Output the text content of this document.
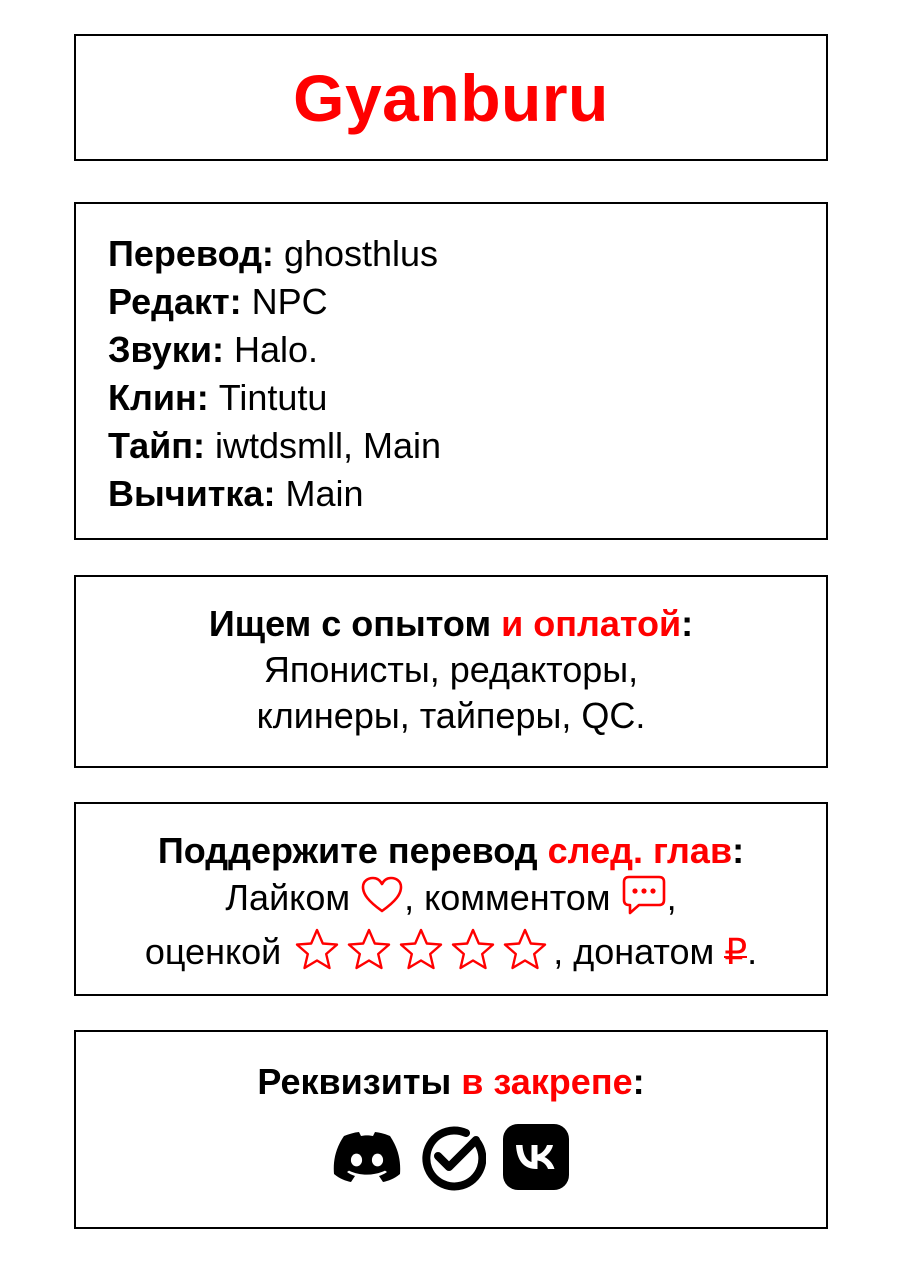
Gyanburu
Перевод: ghosthlus
Редакт: NPC
Звуки: Halo.
Клин: Tintutu
Тайп: iwtdsmll, Main
Вычитка: Main
Ищем с опытом и оплатой:
Японисты, редакторы,
клинеры, тайперы, QC.
Поддержите перевод след. глав:
Лайком , комментом ,
оценкой	, донатом ₽.
Реквизиты в закрепе:
